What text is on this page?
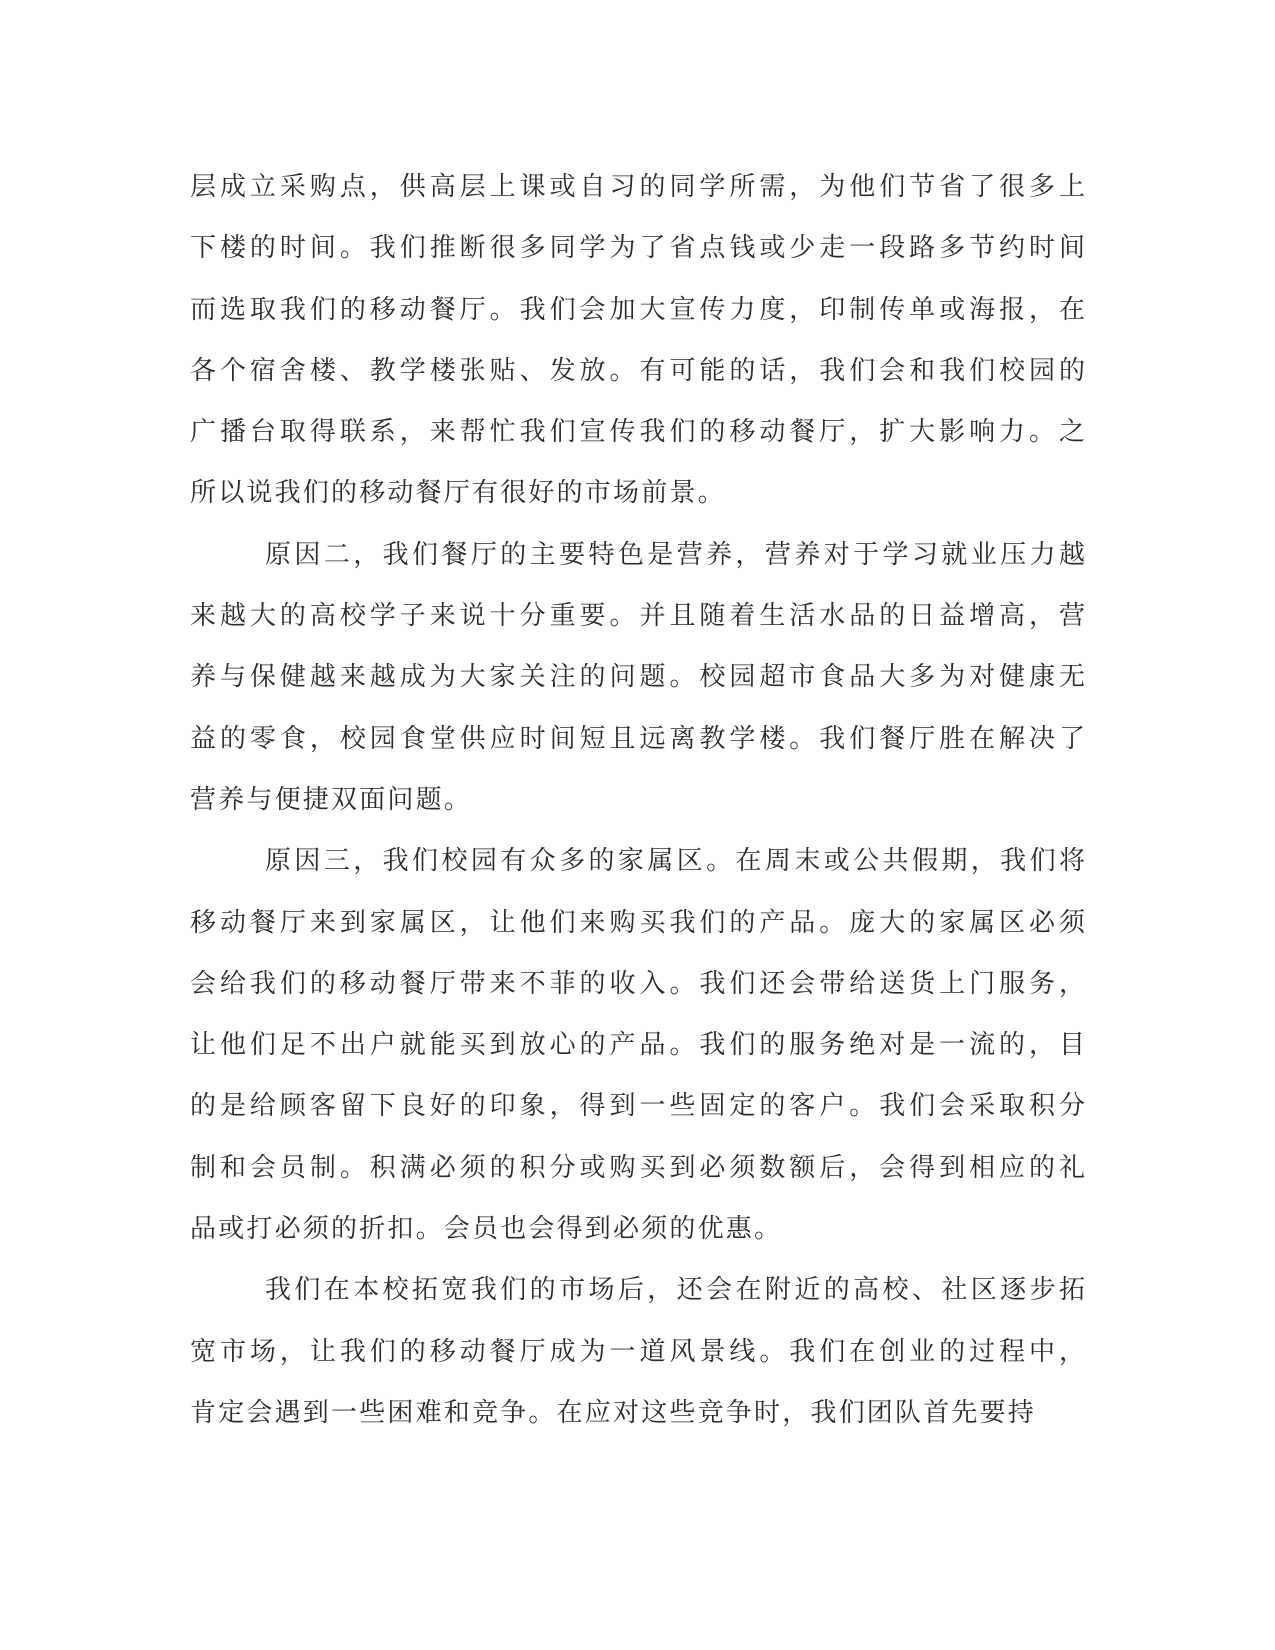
层成立采购点，供高层上课或自习的同学所需，为他们节省了很多上
下楼的时间。我们推断很多同学为了省点钱或少走一段路多节约时间
而选取我们的移动餐厅。我们会加大宣传力度，印制传单或海报，在
各个宿舍楼、教学楼张贴、发放。有可能的话，我们会和我们校园的
广播台取得联系，来帮忙我们宣传我们的移动餐厅，扩大影响力。之
所以说我们的移动餐厅有很好的市场前景。
原因二，我们餐厅的主要特色是营养，营养对于学习就业压力越
来越大的高校学子来说十分重要。并且随着生活水品的日益增高，营
养与保健越来越成为大家关注的问题。校园超市食品大多为对健康无
益的零食，校园食堂供应时间短且远离教学楼。我们餐厅胜在解决了
营养与便捷双面问题。
原因三，我们校园有众多的家属区。在周末或公共假期，我们将
移动餐厅来到家属区，让他们来购买我们的产品。庞大的家属区必须
会给我们的移动餐厅带来不菲的收入。我们还会带给送货上门服务，
让他们足不出户就能买到放心的产品。我们的服务绝对是一流的，目
的是给顾客留下良好的印象，得到一些固定的客户。我们会采取积分
制和会员制。积满必须的积分或购买到必须数额后，会得到相应的礼
品或打必须的折扣。会员也会得到必须的优惠。
我们在本校拓宽我们的市场后，还会在附近的高校、社区逐步拓
宽市场，让我们的移动餐厅成为一道风景线。我们在创业的过程中，
肯定会遇到一些困难和竞争。在应对这些竞争时，我们团队首先要持
